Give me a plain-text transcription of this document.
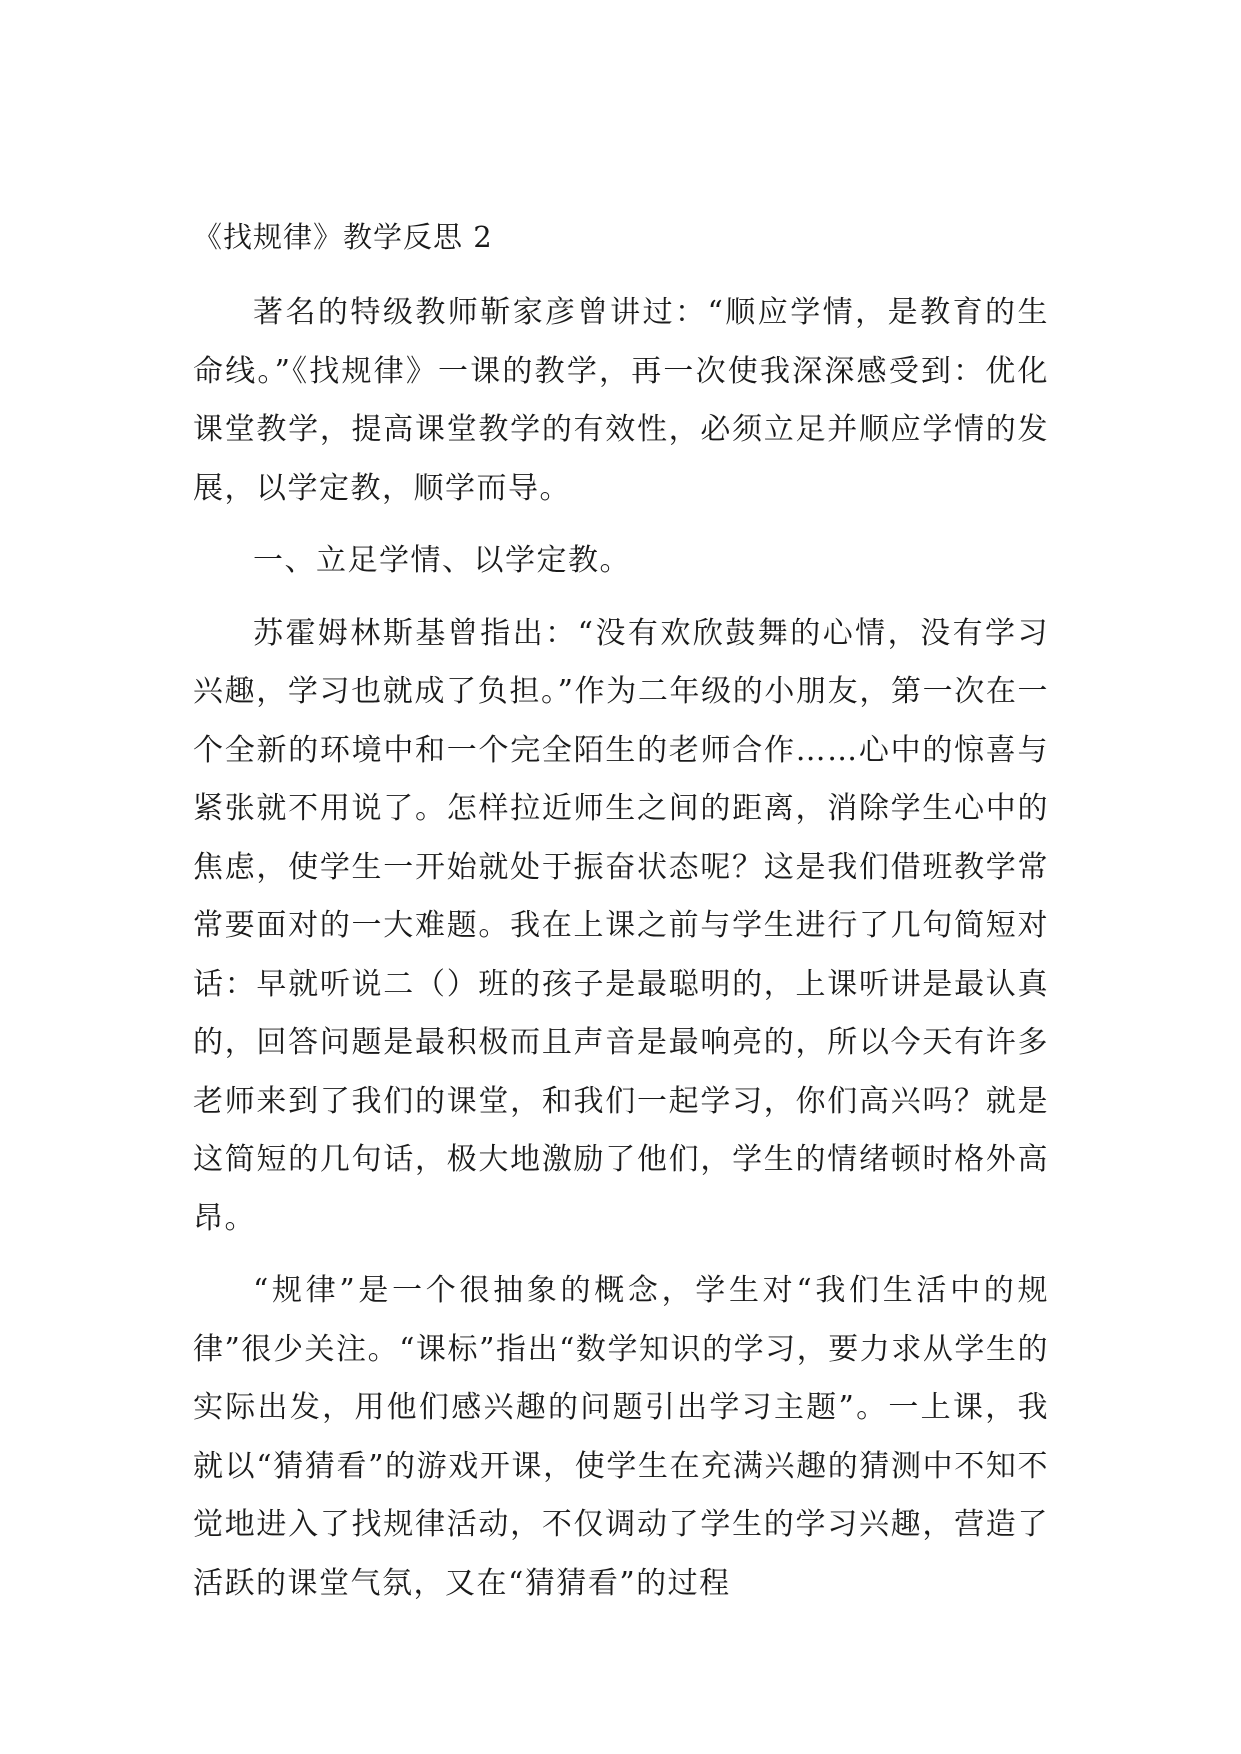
《找规律》教学反思 2

著名的特级教师靳家彦曾讲过：“顺应学情，是教育的生命线。”《找规律》一课的教学，再一次使我深深感受到：优化课堂教学，提高课堂教学的有效性，必须立足并顺应学情的发展，以学定教，顺学而导。

一、立足学情、以学定教。

苏霍姆林斯基曾指出：“没有欢欣鼓舞的心情，没有学习兴趣，学习也就成了负担。”作为二年级的小朋友，第一次在一个全新的环境中和一个完全陌生的老师合作……心中的惊喜与紧张就不用说了。怎样拉近师生之间的距离，消除学生心中的焦虑，使学生一开始就处于振奋状态呢？这是我们借班教学常常要面对的一大难题。我在上课之前与学生进行了几句简短对话：早就听说二（）班的孩子是最聪明的，上课听讲是最认真的，回答问题是最积极而且声音是最响亮的，所以今天有许多老师来到了我们的课堂，和我们一起学习，你们高兴吗？就是这简短的几句话，极大地激励了他们，学生的情绪顿时格外高昂。

“规律”是一个很抽象的概念，学生对“我们生活中的规律”很少关注。“课标”指出“数学知识的学习，要力求从学生的实际出发，用他们感兴趣的问题引出学习主题”。一上课，我就以“猜猜看”的游戏开课，使学生在充满兴趣的猜测中不知不觉地进入了找规律活动，不仅调动了学生的学习兴趣，营造了活跃的课堂气氛，又在“猜猜看”的过程
